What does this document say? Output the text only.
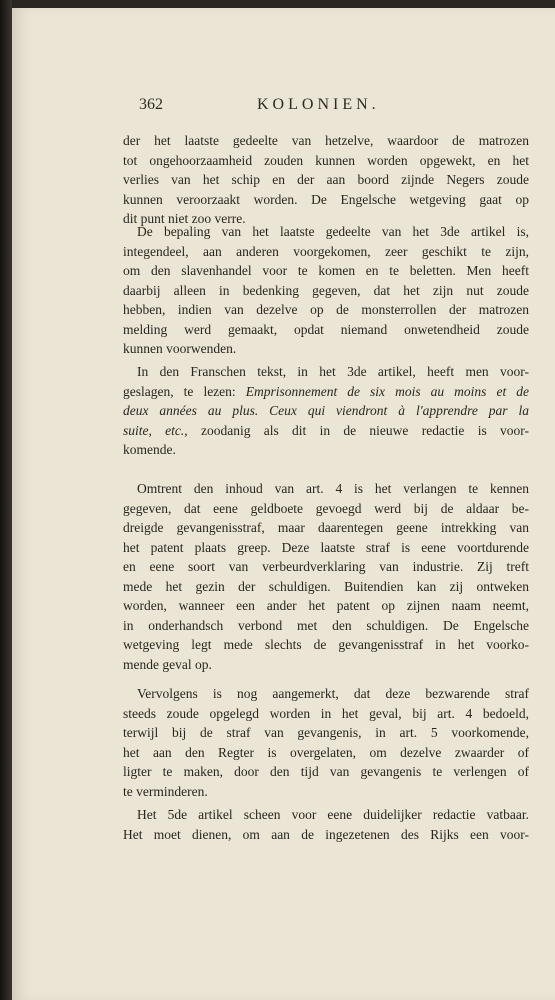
362	KOLONIEN.
der het laatste gedeelte van hetzelve, waardoor de matrozen
tot ongehoorzaamheid zouden kunnen worden opgewekt, en het
verlies van het schip en der aan boord zijnde Negers zoude
kunnen veroorzaakt worden. De Engelsche wetgeving gaat op
dit punt niet zoo verre.
De bepaling van het laatste gedeelte van het 3de artikel is,
integendeel, aan anderen voorgekomen, zeer geschikt te zijn,
om den slavenhandel voor te komen en te beletten. Men heeft
daarbij alleen in bedenking gegeven, dat het zijn nut zoude
hebben, indien van dezelve op de monsterrollen der matrozen
melding werd gemaakt, opdat niemand onwetendheid zoude
kunnen voorwenden.
In den Franschen tekst, in het 3de artikel, heeft men voor-
geslagen, te lezen: Emprisonnement de six mois au moins et de
deux années au plus. Ceux qui viendront à l'apprendre par la
suite, etc., zoodanig als dit in de nieuwe redactie is voor-
komende.
Omtrent den inhoud van art. 4 is het verlangen te kennen
gegeven, dat eene geldboete gevoegd werd bij de aldaar be-
dreigde gevangenisstraf, maar daarentegen geene intrekking van
het patent plaats greep. Deze laatste straf is eene voortdurende
en eene soort van verbeurdverklaring van industrie. Zij treft
mede het gezin der schuldigen. Buitendien kan zij ontweken
worden, wanneer een ander het patent op zijnen naam neemt,
in onderhandsch verbond met den schuldigen. De Engelsche
wetgeving legt mede slechts de gevangenisstraf in het voorko-
mende geval op.
Vervolgens is nog aangemerkt, dat deze bezwarende straf
steeds zoude opgelegd worden in het geval, bij art. 4 bedoeld,
terwijl bij de straf van gevangenis, in art. 5 voorkomende,
het aan den Regter is overgelaten, om dezelve zwaarder of
ligter te maken, door den tijd van gevangenis te verlengen of
te verminderen.
Het 5de artikel scheen voor eene duidelijker redactie vatbaar.
Het moet dienen, om aan de ingezetenen des Rijks een voor-
